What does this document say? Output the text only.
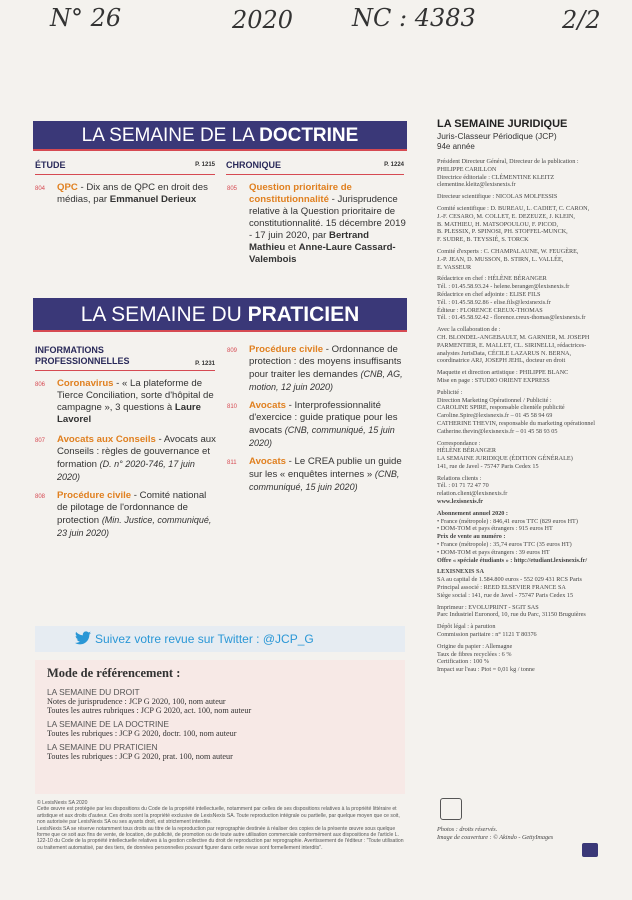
N° 26	2020 NC : 4383	2/2
LA SEMAINE DE LA DOCTRINE
ÉTUDE	P. 1215
804 QPC - Dix ans de QPC en droit des médias, par Emmanuel Derieux
CHRONIQUE	P. 1224
805 Question prioritaire de constitutionnalité - Jurisprudence relative à la Question prioritaire de constitutionnalité. 15 décembre 2019 - 17 juin 2020, par Bertrand Mathieu et Anne-Laure Cassard-Valembois
LA SEMAINE DU PRATICIEN
INFORMATIONS PROFESSIONNELLES	P. 1231
806 Coronavirus - « La plateforme de Tierce Conciliation, sorte d'hôpital de campagne », 3 questions à Laure Lavorel
807 Avocats aux Conseils - Avocats aux Conseils : règles de gouvernance et formation (D. n° 2020-746, 17 juin 2020)
808 Procédure civile - Comité national de pilotage de l'ordonnance de protection (Min. Justice, communiqué, 23 juin 2020)
809 Procédure civile - Ordonnance de protection : des moyens insuffisants pour traiter les demandes (CNB, AG, motion, 12 juin 2020)
810 Avocats - Interprofessionnalité d'exercice : guide pratique pour les avocats (CNB, communiqué, 15 juin 2020)
811 Avocats - Le CREA publie un guide sur les « enquêtes internes » (CNB, communiqué, 15 juin 2020)
Suivez votre revue sur Twitter : @JCP_G
Mode de référencement :
LA SEMAINE DU DROIT
Notes de jurisprudence : JCP G 2020, 100, nom auteur
Toutes les autres rubriques : JCP G 2020, act. 100, nom auteur
LA SEMAINE DE LA DOCTRINE
Toutes les rubriques : JCP G 2020, doctr. 100, nom auteur
LA SEMAINE DU PRATICIEN
Toutes les rubriques : JCP G 2020, prat. 100, nom auteur
© LexisNexis SA 2020
Cette œuvre est protégée par les dispositions du Code de la propriété intellectuelle, notamment par celles de ses dispositions relatives à la propriété littéraire et artistique et aux droits d'auteur. Ces droits sont la propriété exclusive de LexisNexis SA. Toute reproduction intégrale ou partielle, par quelque moyen que ce soit, non autorisée par LexisNexis SA ou ses ayants droit, est strictement interdite.
LexisNexis SA se réserve notamment tous droits au titre de la reproduction par reprographie destinée à réaliser des copies de la présente œuvre sous quelque forme que ce soit aux fins de vente, de location, de publicité, de promotion ou de toute autre utilisation commerciale conformément aux dispositions de l'article L. 122-10 du Code de la propriété intellectuelle relatives à la gestion collective du droit de reproduction par reprographie. Avertissement de l'éditeur : "Toute utilisation ou traitement automatisé, par des tiers, de données personnelles pouvant figurer dans cette revue sont formellement interdits".
LA SEMAINE JURIDIQUE
Juris-Classeur Périodique (JCP)
94e année
Président Directeur Général, Directeur de la publication :
PHILIPPE CARILLON
Directrice éditoriale : CLÉMENTINE KLEITZ
clementine.kleitz@lexisnexis.fr
Directeur scientifique : NICOLAS MOLFESSIS
Comité scientifique : D. BUREAU, L. CADIET, C. CARON,
J.-F. CESARO, M. COLLET, E. DEZEUZE, J. KLEIN,
B. MATHIEU, H. MATSOPOULOU, F. PICOD,
B. PLESSIX, P. SPINOSI, PH. STOFFEL-MUNCK,
F. SUDRE, B. TEYSSIÉ, S. TORCK
Comité d'experts : C. CHAMPALAUNE, W. FEUGÈRE,
J.-P. JEAN, D. MUSSON, B. STIRN, L. VALLÉE,
E. VASSEUR
Rédactrice en chef : HÉLÈNE BÉRANGER
Tél. : 01.45.58.93.24 - helene.beranger@lexisnexis.fr
Rédactrice en chef adjointe : ELISE FILS
Tél. : 01.45.58.92.86 - elise.fils@lexisnexis.fr
Éditeur : FLORENCE CREUX-THOMAS
Tél. : 01.45.58.92.42 - florence.creux-thomas@lexisnexis.fr
Avec la collaboration de :
CH. BLONDEL-ANGEBAULT, M. GARNIER, M. JOSEPH
PARMENTIER, E. MALLET, CL. SIRINELLI, rédactrices-
analystes JurisData, CÉCILE LAZARUS N. BERNA,
coordinatrice ARJ, JOSEPH JEHL, docteur en droit
Maquette et direction artistique : PHILIPPE BLANC
Mise en page : STUDIO ORIENT EXPRESS
Publicité :
Direction Marketing Opérationnel / Publicité :
CAROLINE SPIRE, responsable clientèle publicité
Caroline.Spire@lexisnexis.fr – 01 45 58 94 69
CATHERINE THEVIN, responsable du marketing opérationnel
Catherine.thevin@lexisnexis.fr – 01 45 58 93 05
Correspondance :
HÉLÈNE BÉRANGER
LA SEMAINE JURIDIQUE (ÉDITION GÉNÉRALE)
141, rue de Javel - 75747 Paris Cedex 15
Relations clients :
Tél. : 01 71 72 47 70
relation.client@lexisnexis.fr
www.lexisnexis.fr
Abonnement annuel 2020 :
• France (métropole) : 846,41 euros TTC (829 euros HT)
• DOM-TOM et pays étrangers : 915 euros HT
Prix de vente au numéro :
• France (métropole) : 35,74 euros TTC (35 euros HT)
• DOM-TOM et pays étrangers : 39 euros HT
Offre « spéciale étudiants » : http://etudiant.lexisnexis.fr/
LEXISNEXIS SA
SA au capital de 1.584.800 euros - 552 029 431 RCS Paris
Principal associé : REED ELSEVIER FRANCE SA
Siège social : 141, rue de Javel - 75747 Paris Cedex 15
Imprimeur : EVOLUPRINT - SGIT SAS
Parc Industriel Euronord, 10, rue du Parc, 31150 Bruguières
Dépôt légal : à parution
Commission paritaire : n° 1121 T 80376
Origine du papier : Allemagne
Taux de fibres recyclées : 6 %
Certification : 100 %
Impact sur l'eau : Ptot = 0,01 kg / tonne
Photos : droits réservés.
Image de couverture : © Akindo - GettyImages
